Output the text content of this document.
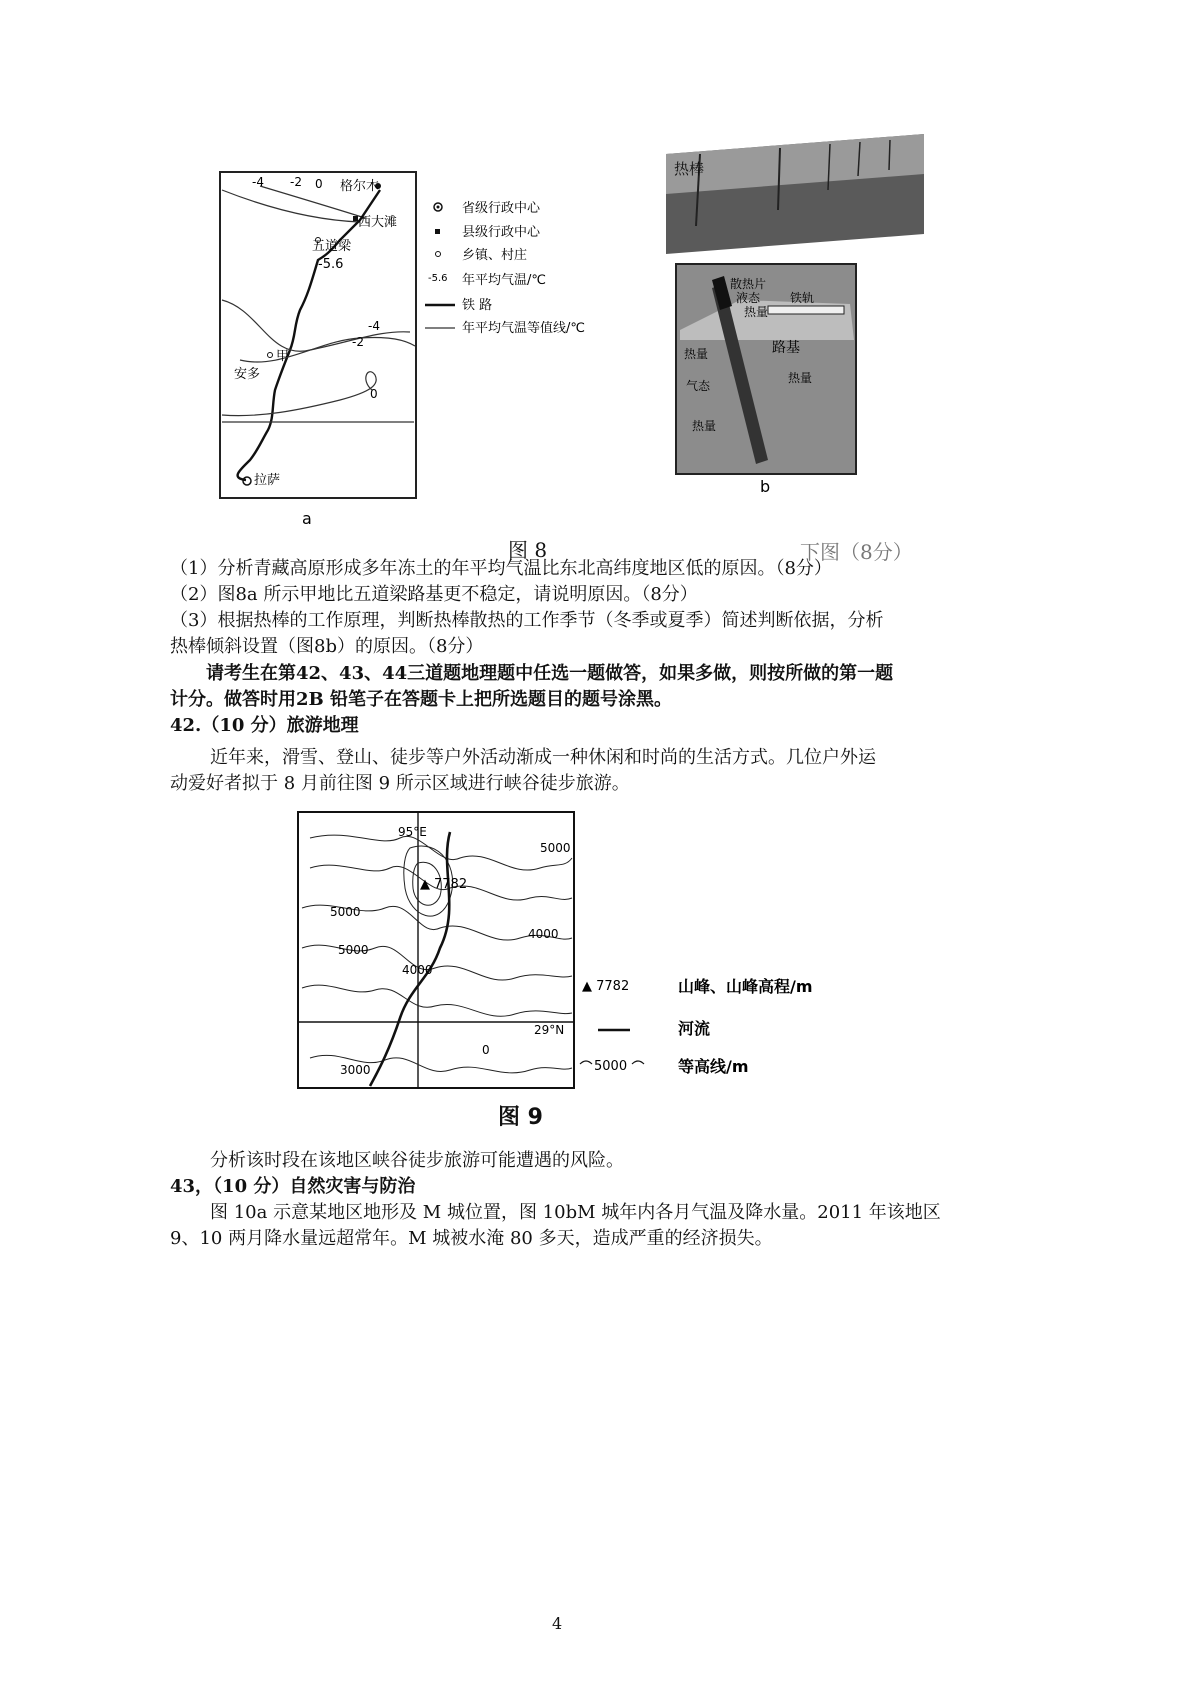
-4 -2 0
-4
-2
0
格尔木
西大滩
五道梁
-5.6
甲
安多
拉萨
-5.6
省级行政中心
县级行政中心
乡镇、村庄
年平均气温/℃
铁 路
年平均气温等值线/℃
a
热棒
散热片
液态
热量
铁轨
热量	路基
气态
热量
热量
b
图 8	下图（8分）
（1）分析青藏高原形成多年冻土的年平均气温比东北高纬度地区低的原因。（8分）
（2）图8a 所示甲地比五道梁路基更不稳定，请说明原因。（8分）
（3）根据热棒的工作原理，判断热棒散热的工作季节（冬季或夏季）简述判断依据，分析
热棒倾斜设置（图8b）的原因。（8分）
请考生在第42、43、44三道题地理题中任选一题做答，如果多做，则按所做的第一题
计分。做答时用2B 铅笔子在答题卡上把所选题目的题号涂黑。
42.（10 分）旅游地理
近年来，滑雪、登山、徒步等户外活动渐成一种休闲和时尚的生活方式。几位户外运
动爱好者拟于 8 月前往图 9 所示区域进行峡谷徒步旅游。
▲ 7782
95°E
29°N
5000
5000
5000
4000
4000
3000
0
▲ 7782	山峰、山峰高程/m
河流
5000	等高线/m
图 9
分析该时段在该地区峡谷徒步旅游可能遭遇的风险。
43，（10 分）自然灾害与防治
图 10a 示意某地区地形及 M 城位置，图 10bM 城年内各月气温及降水量。2011 年该地区
9、10 两月降水量远超常年。M 城被水淹 80 多天，造成严重的经济损失。
4
